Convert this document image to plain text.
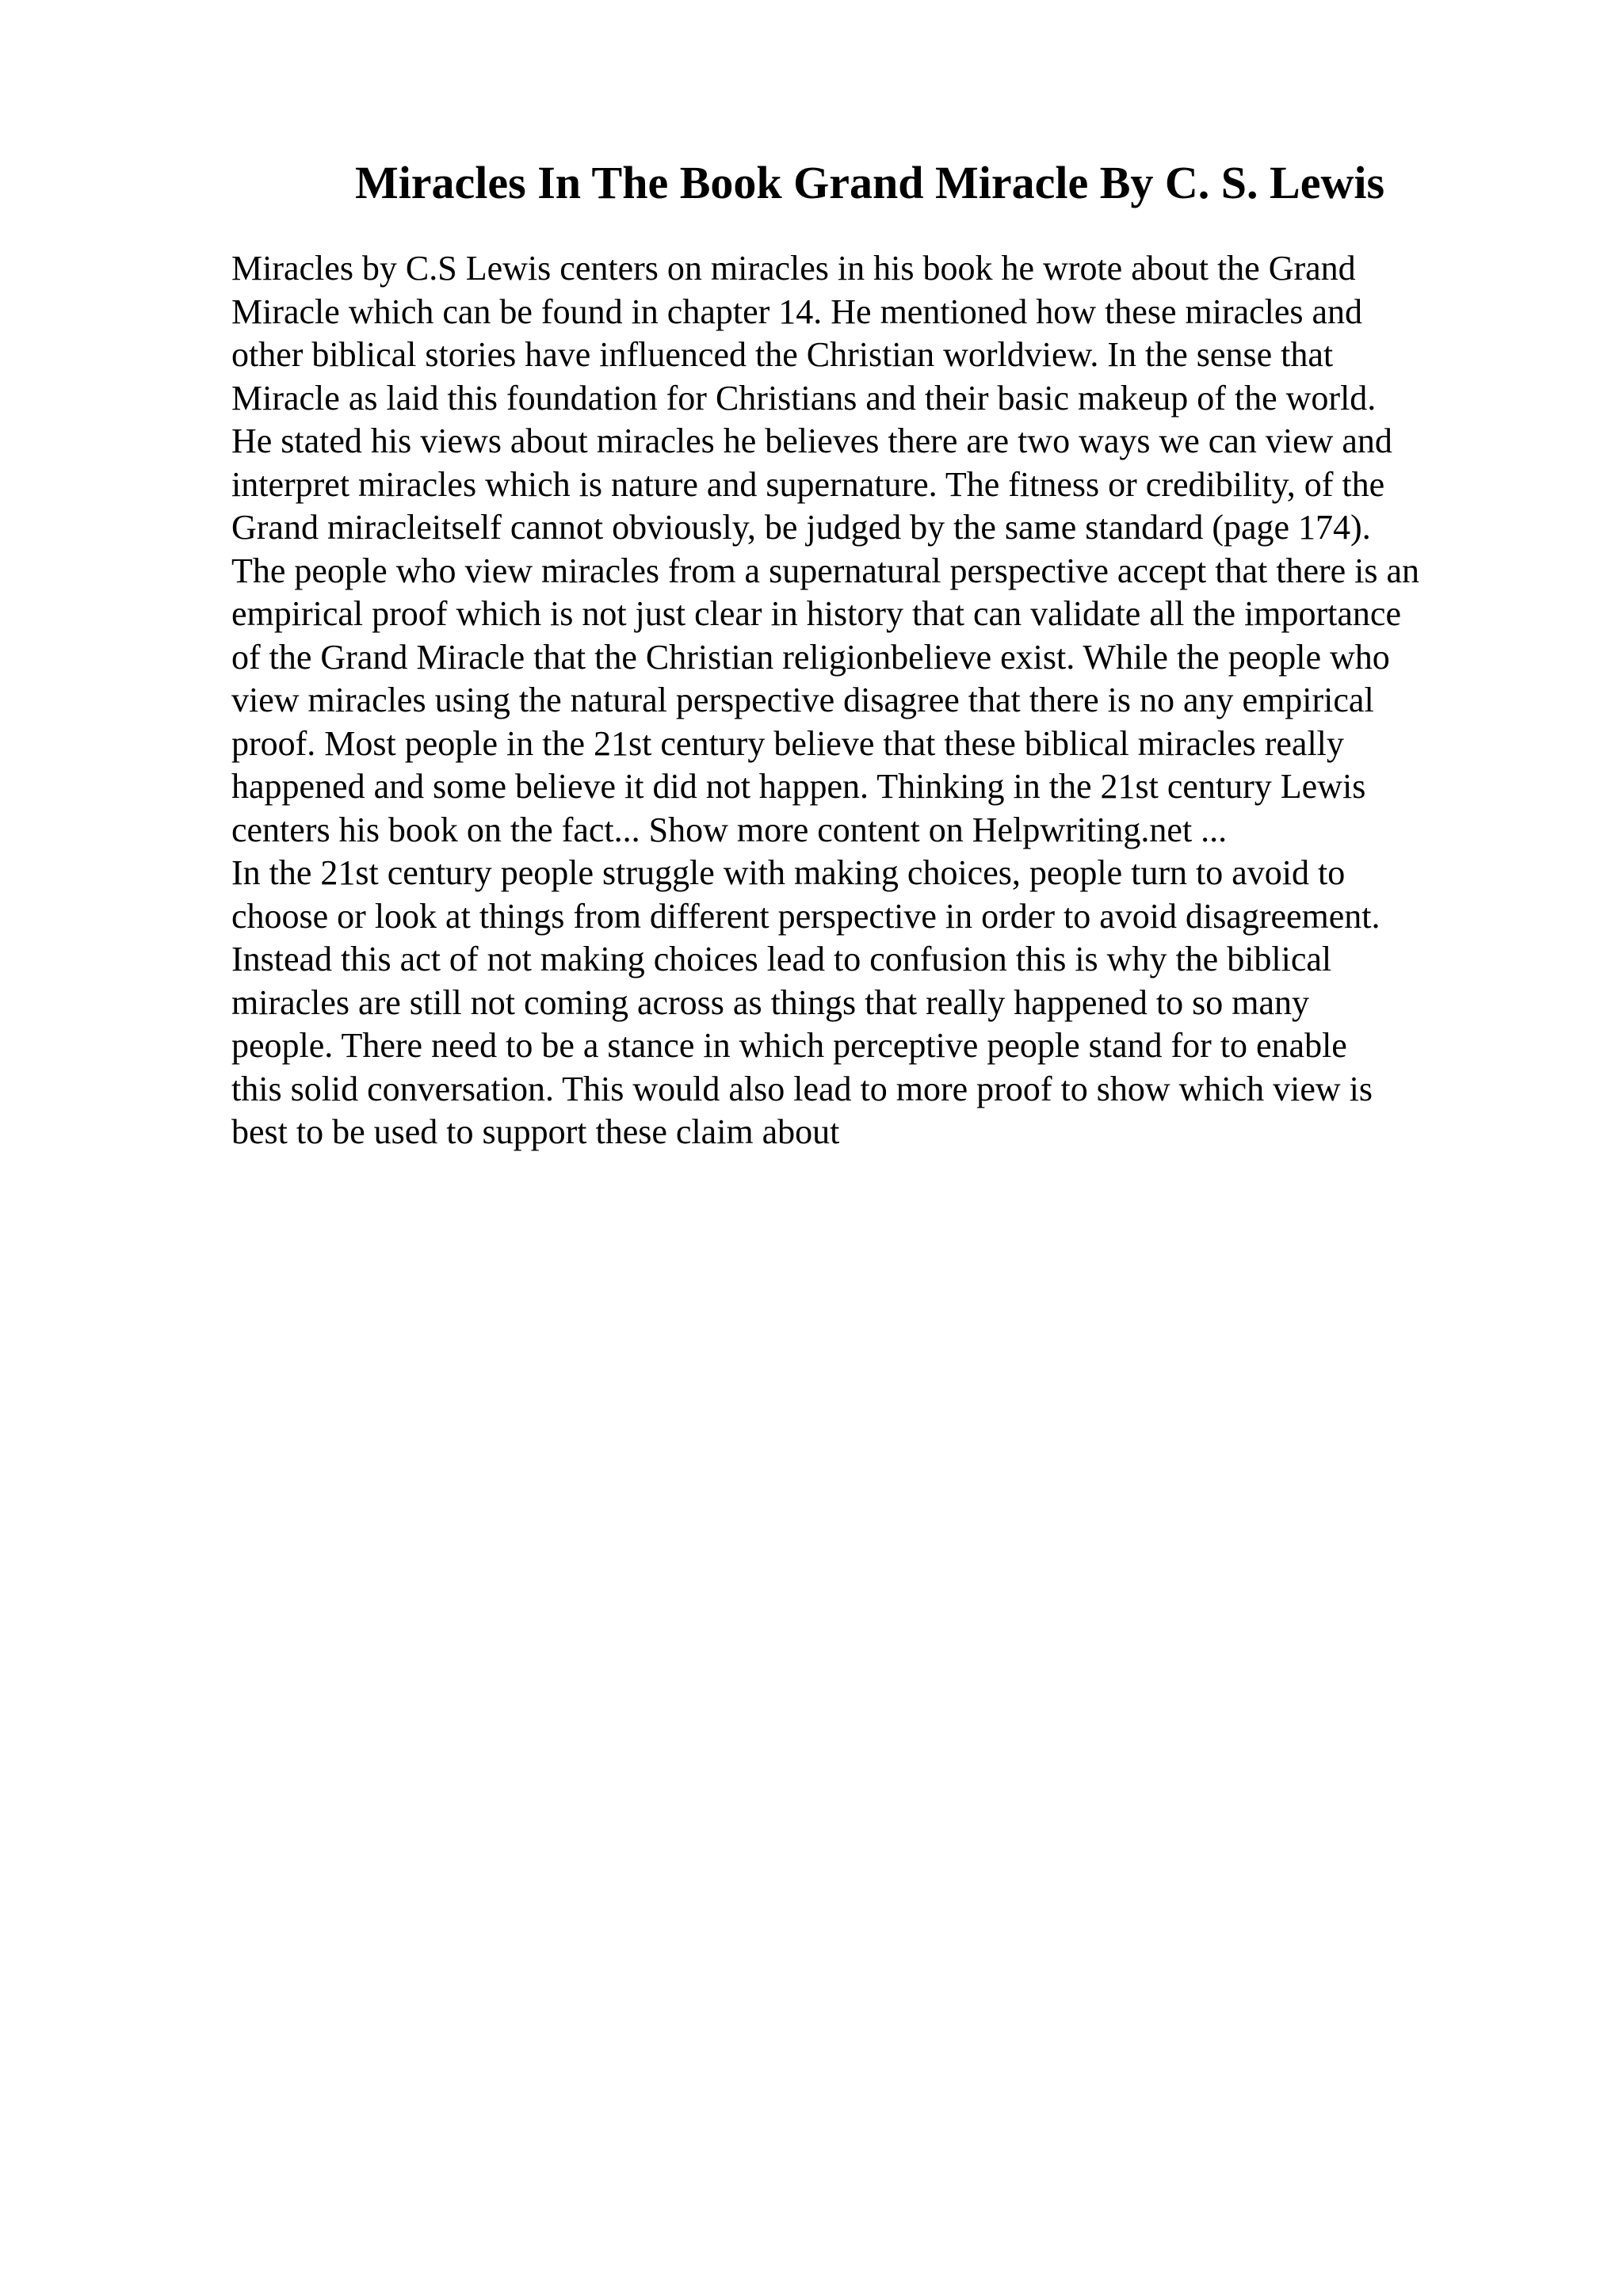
Miracles In The Book Grand Miracle By C. S. Lewis
Miracles by C.S Lewis centers on miracles in his book he wrote about the Grand
Miracle which can be found in chapter 14. He mentioned how these miracles and
other biblical stories have influenced the Christian worldview. In the sense that
Miracle as laid this foundation for Christians and their basic makeup of the world.
He stated his views about miracles he believes there are two ways we can view and
interpret miracles which is nature and supernature. The fitness or credibility, of the
Grand miracleitself cannot obviously, be judged by the same standard (page 174).
The people who view miracles from a supernatural perspective accept that there is an
empirical proof which is not just clear in history that can validate all the importance
of the Grand Miracle that the Christian religionbelieve exist. While the people who
view miracles using the natural perspective disagree that there is no any empirical
proof. Most people in the 21st century believe that these biblical miracles really
happened and some believe it did not happen. Thinking in the 21st century Lewis
centers his book on the fact... Show more content on Helpwriting.net ...
In the 21st century people struggle with making choices, people turn to avoid to
choose or look at things from different perspective in order to avoid disagreement.
Instead this act of not making choices lead to confusion this is why the biblical
miracles are still not coming across as things that really happened to so many
people. There need to be a stance in which perceptive people stand for to enable
this solid conversation. This would also lead to more proof to show which view is
best to be used to support these claim about
